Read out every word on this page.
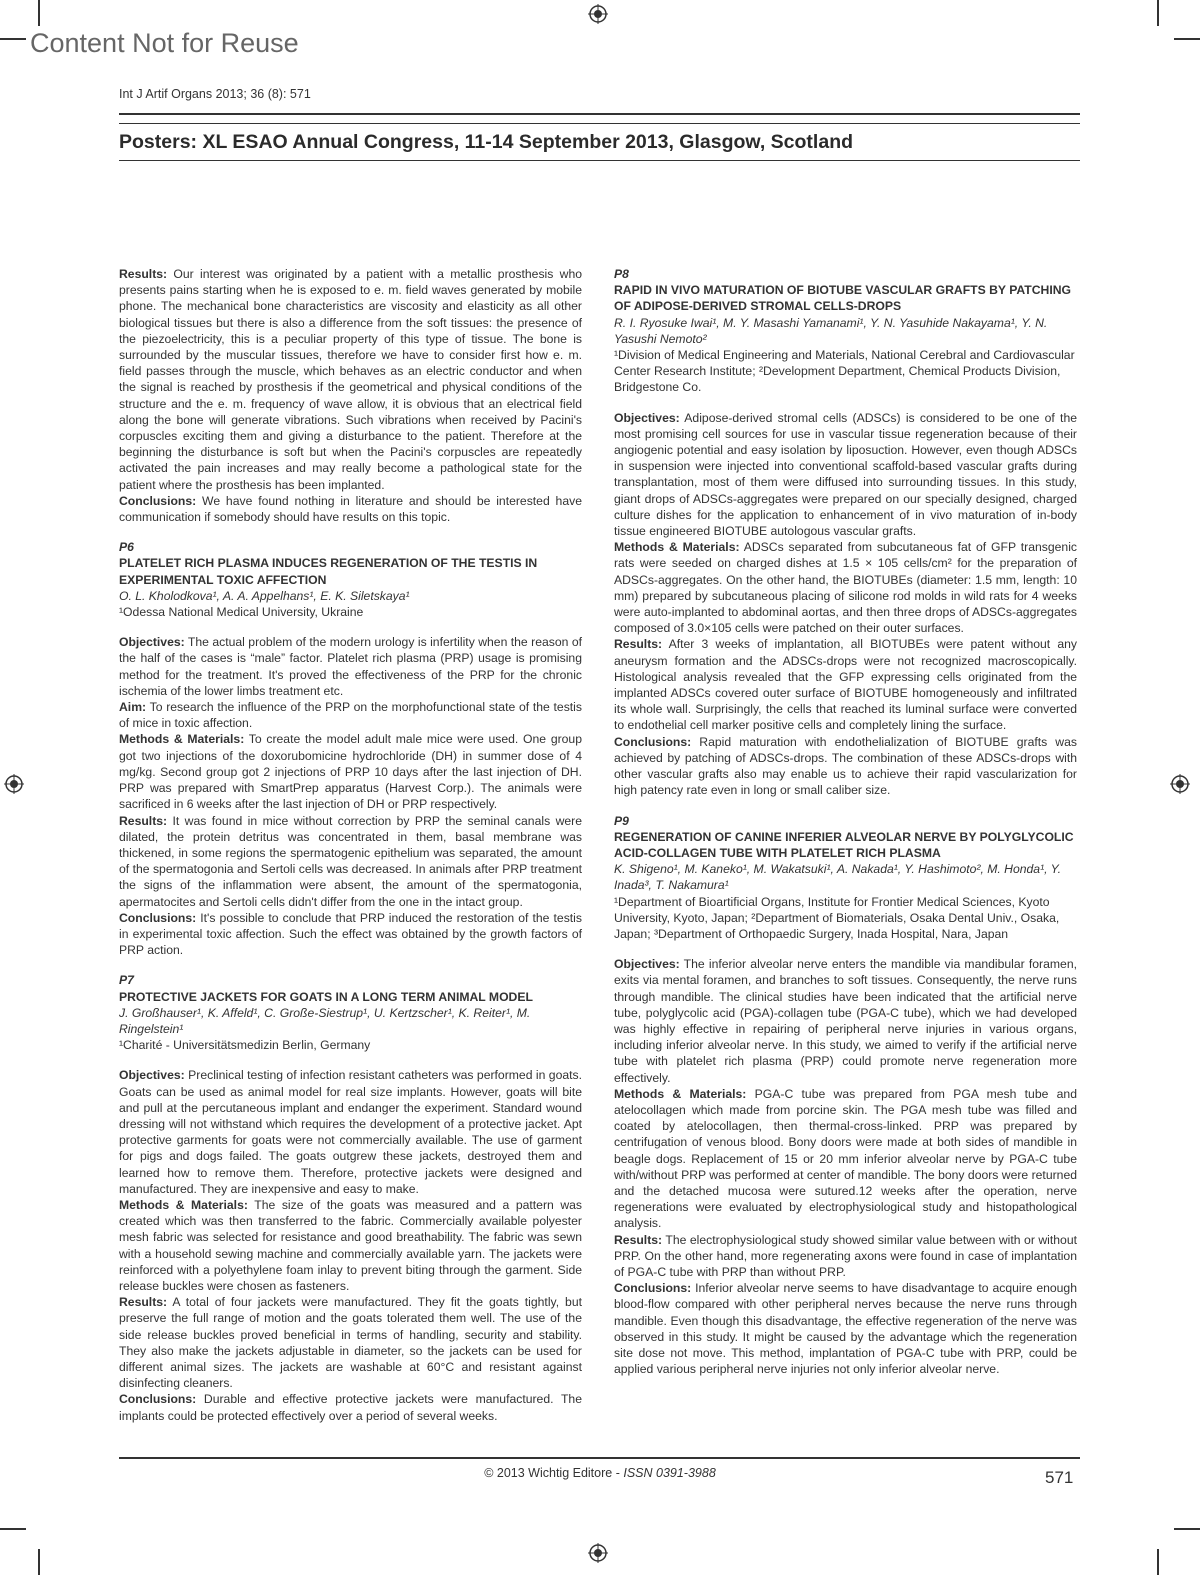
Content Not for Reuse
Int J Artif Organs 2013; 36 (8): 571
Posters: XL ESAO Annual Congress, 11-14 September 2013, Glasgow, Scotland

Results: Our interest was originated by a patient with a metallic prosthesis who presents pains starting when he is exposed to e. m. field waves generated by mobile phone. The mechanical bone characteristics are viscosity and elasticity as all other biological tissues but there is also a difference from the soft tissues: the presence of the piezoelectricity, this is a peculiar property of this type of tissue. The bone is surrounded by the muscular tissues, therefore we have to consider first how e. m. field passes through the muscle, which behaves as an electric conductor and when the signal is reached by prosthesis if the geometrical and physical conditions of the structure and the e. m. frequency of wave allow, it is obvious that an electrical field along the bone will generate vibrations. Such vibrations when received by Pacini's corpuscles exciting them and giving a disturbance to the patient. Therefore at the beginning the disturbance is soft but when the Pacini's corpuscles are repeatedly activated the pain increases and may really become a pathological state for the patient where the prosthesis has been implanted.

Conclusions: We have found nothing in literature and should be interested have communication if somebody should have results on this topic.

P6

PLATELET RICH PLASMA INDUCES REGENERATION OF THE TESTIS IN EXPERIMENTAL TOXIC AFFECTION

O. L. Kholodkova¹, A. A. Appelhans¹, E. K. Siletskaya¹

¹Odessa National Medical University, Ukraine

Objectives: The actual problem of the modern urology is infertility when the reason of the half of the cases is “male” factor. Platelet rich plasma (PRP) usage is promising method for the treatment. It's proved the effectiveness of the PRP for the chronic ischemia of the lower limbs treatment etc.

Aim: To research the influence of the PRP on the morphofunctional state of the testis of mice in toxic affection.

Methods & Materials: To create the model adult male mice were used. One group got two injections of the doxorubomicine hydrochloride (DH) in summer dose of 4 mg/kg. Second group got 2 injections of PRP 10 days after the last injection of DH. PRP was prepared with SmartPrep apparatus (Harvest Corp.). The animals were sacrificed in 6 weeks after the last injection of DH or PRP respectively.

Results: It was found in mice without correction by PRP the seminal canals were dilated, the protein detritus was concentrated in them, basal membrane was thickened, in some regions the spermatogenic epithelium was separated, the amount of the spermatogonia and Sertoli cells was decreased. In animals after PRP treatment the signs of the inflammation were absent, the amount of the spermatogonia, apermatocites and Sertoli cells didn't differ from the one in the intact group.

Conclusions: It's possible to conclude that PRP induced the restoration of the testis in experimental toxic affection. Such the effect was obtained by the growth factors of PRP action.

P7

PROTECTIVE JACKETS FOR GOATS IN A LONG TERM ANIMAL MODEL

J. Großhauser¹, K. Affeld¹, C. Große-Siestrup¹, U. Kertzscher¹, K. Reiter¹, M. Ringelstein¹

¹Charité - Universitätsmedizin Berlin, Germany

Objectives: Preclinical testing of infection resistant catheters was performed in goats. Goats can be used as animal model for real size implants. However, goats will bite and pull at the percutaneous implant and endanger the experiment. Standard wound dressing will not withstand which requires the development of a protective jacket. Apt protective garments for goats were not commercially available. The use of garment for pigs and dogs failed. The goats outgrew these jackets, destroyed them and learned how to remove them. Therefore, protective jackets were designed and manufactured. They are inexpensive and easy to make.

Methods & Materials: The size of the goats was measured and a pattern was created which was then transferred to the fabric. Commercially available polyester mesh fabric was selected for resistance and good breathability. The fabric was sewn with a household sewing machine and commercially available yarn. The jackets were reinforced with a polyethylene foam inlay to prevent biting through the garment. Side release buckles were chosen as fasteners.

Results: A total of four jackets were manufactured. They fit the goats tightly, but preserve the full range of motion and the goats tolerated them well. The use of the side release buckles proved beneficial in terms of handling, security and stability. They also make the jackets adjustable in diameter, so the jackets can be used for different animal sizes. The jackets are washable at 60°C and resistant against disinfecting cleaners.

Conclusions: Durable and effective protective jackets were manufactured. The implants could be protected effectively over a period of several weeks.

P8

RAPID IN VIVO MATURATION OF BIOTUBE VASCULAR GRAFTS BY PATCHING OF ADIPOSE-DERIVED STROMAL CELLS-DROPS

R. I. Ryosuke Iwai¹, M. Y. Masashi Yamanami¹, Y. N. Yasuhide Nakayama¹, Y. N. Yasushi Nemoto²

¹Division of Medical Engineering and Materials, National Cerebral and Cardiovascular Center Research Institute; ²Development Department, Chemical Products Division, Bridgestone Co.

Objectives: Adipose-derived stromal cells (ADSCs) is considered to be one of the most promising cell sources for use in vascular tissue regeneration because of their angiogenic potential and easy isolation by liposuction. However, even though ADSCs in suspension were injected into conventional scaffold-based vascular grafts during transplantation, most of them were diffused into surrounding tissues. In this study, giant drops of ADSCs-aggregates were prepared on our specially designed, charged culture dishes for the application to enhancement of in vivo maturation of in-body tissue engineered BIOTUBE autologous vascular grafts.

Methods & Materials: ADSCs separated from subcutaneous fat of GFP transgenic rats were seeded on charged dishes at 1.5 × 105 cells/cm² for the preparation of ADSCs-aggregates. On the other hand, the BIOTUBEs (diameter: 1.5 mm, length: 10 mm) prepared by subcutaneous placing of silicone rod molds in wild rats for 4 weeks were auto-implanted to abdominal aortas, and then three drops of ADSCs-aggregates composed of 3.0×105 cells were patched on their outer surfaces.

Results: After 3 weeks of implantation, all BIOTUBEs were patent without any aneurysm formation and the ADSCs-drops were not recognized macroscopically. Histological analysis revealed that the GFP expressing cells originated from the implanted ADSCs covered outer surface of BIOTUBE homogeneously and infiltrated its whole wall. Surprisingly, the cells that reached its luminal surface were converted to endothelial cell marker positive cells and completely lining the surface.

Conclusions: Rapid maturation with endothelialization of BIOTUBE grafts was achieved by patching of ADSCs-drops. The combination of these ADSCs-drops with other vascular grafts also may enable us to achieve their rapid vascularization for high patency rate even in long or small caliber size.

P9

REGENERATION OF CANINE INFERIER ALVEOLAR NERVE BY POLYGLYCOLIC ACID-COLLAGEN TUBE WITH PLATELET RICH PLASMA

K. Shigeno¹, M. Kaneko¹, M. Wakatsuki¹, A. Nakada¹, Y. Hashimoto², M. Honda¹, Y. Inada³, T. Nakamura¹

¹Department of Bioartificial Organs, Institute for Frontier Medical Sciences, Kyoto University, Kyoto, Japan; ²Department of Biomaterials, Osaka Dental Univ., Osaka, Japan; ³Department of Orthopaedic Surgery, Inada Hospital, Nara, Japan

Objectives: The inferior alveolar nerve enters the mandible via mandibular foramen, exits via mental foramen, and branches to soft tissues. Consequently, the nerve runs through mandible. The clinical studies have been indicated that the artificial nerve tube, polyglycolic acid (PGA)-collagen tube (PGA-C tube), which we had developed was highly effective in repairing of peripheral nerve injuries in various organs, including inferior alveolar nerve. In this study, we aimed to verify if the artificial nerve tube with platelet rich plasma (PRP) could promote nerve regeneration more effectively.

Methods & Materials: PGA-C tube was prepared from PGA mesh tube and atelocollagen which made from porcine skin. The PGA mesh tube was filled and coated by atelocollagen, then thermal-cross-linked. PRP was prepared by centrifugation of venous blood. Bony doors were made at both sides of mandible in beagle dogs. Replacement of 15 or 20 mm inferior alveolar nerve by PGA-C tube with/without PRP was performed at center of mandible. The bony doors were returned and the detached mucosa were sutured.12 weeks after the operation, nerve regenerations were evaluated by electrophysiological study and histopathological analysis.

Results: The electrophysiological study showed similar value between with or without PRP. On the other hand, more regenerating axons were found in case of implantation of PGA-C tube with PRP than without PRP.

Conclusions: Inferior alveolar nerve seems to have disadvantage to acquire enough blood-flow compared with other peripheral nerves because the nerve runs through mandible. Even though this disadvantage, the effective regeneration of the nerve was observed in this study. It might be caused by the advantage which the regeneration site dose not move. This method, implantation of PGA-C tube with PRP, could be applied various peripheral nerve injuries not only inferior alveolar nerve.

© 2013 Wichtig Editore - ISSN 0391-3988	571
